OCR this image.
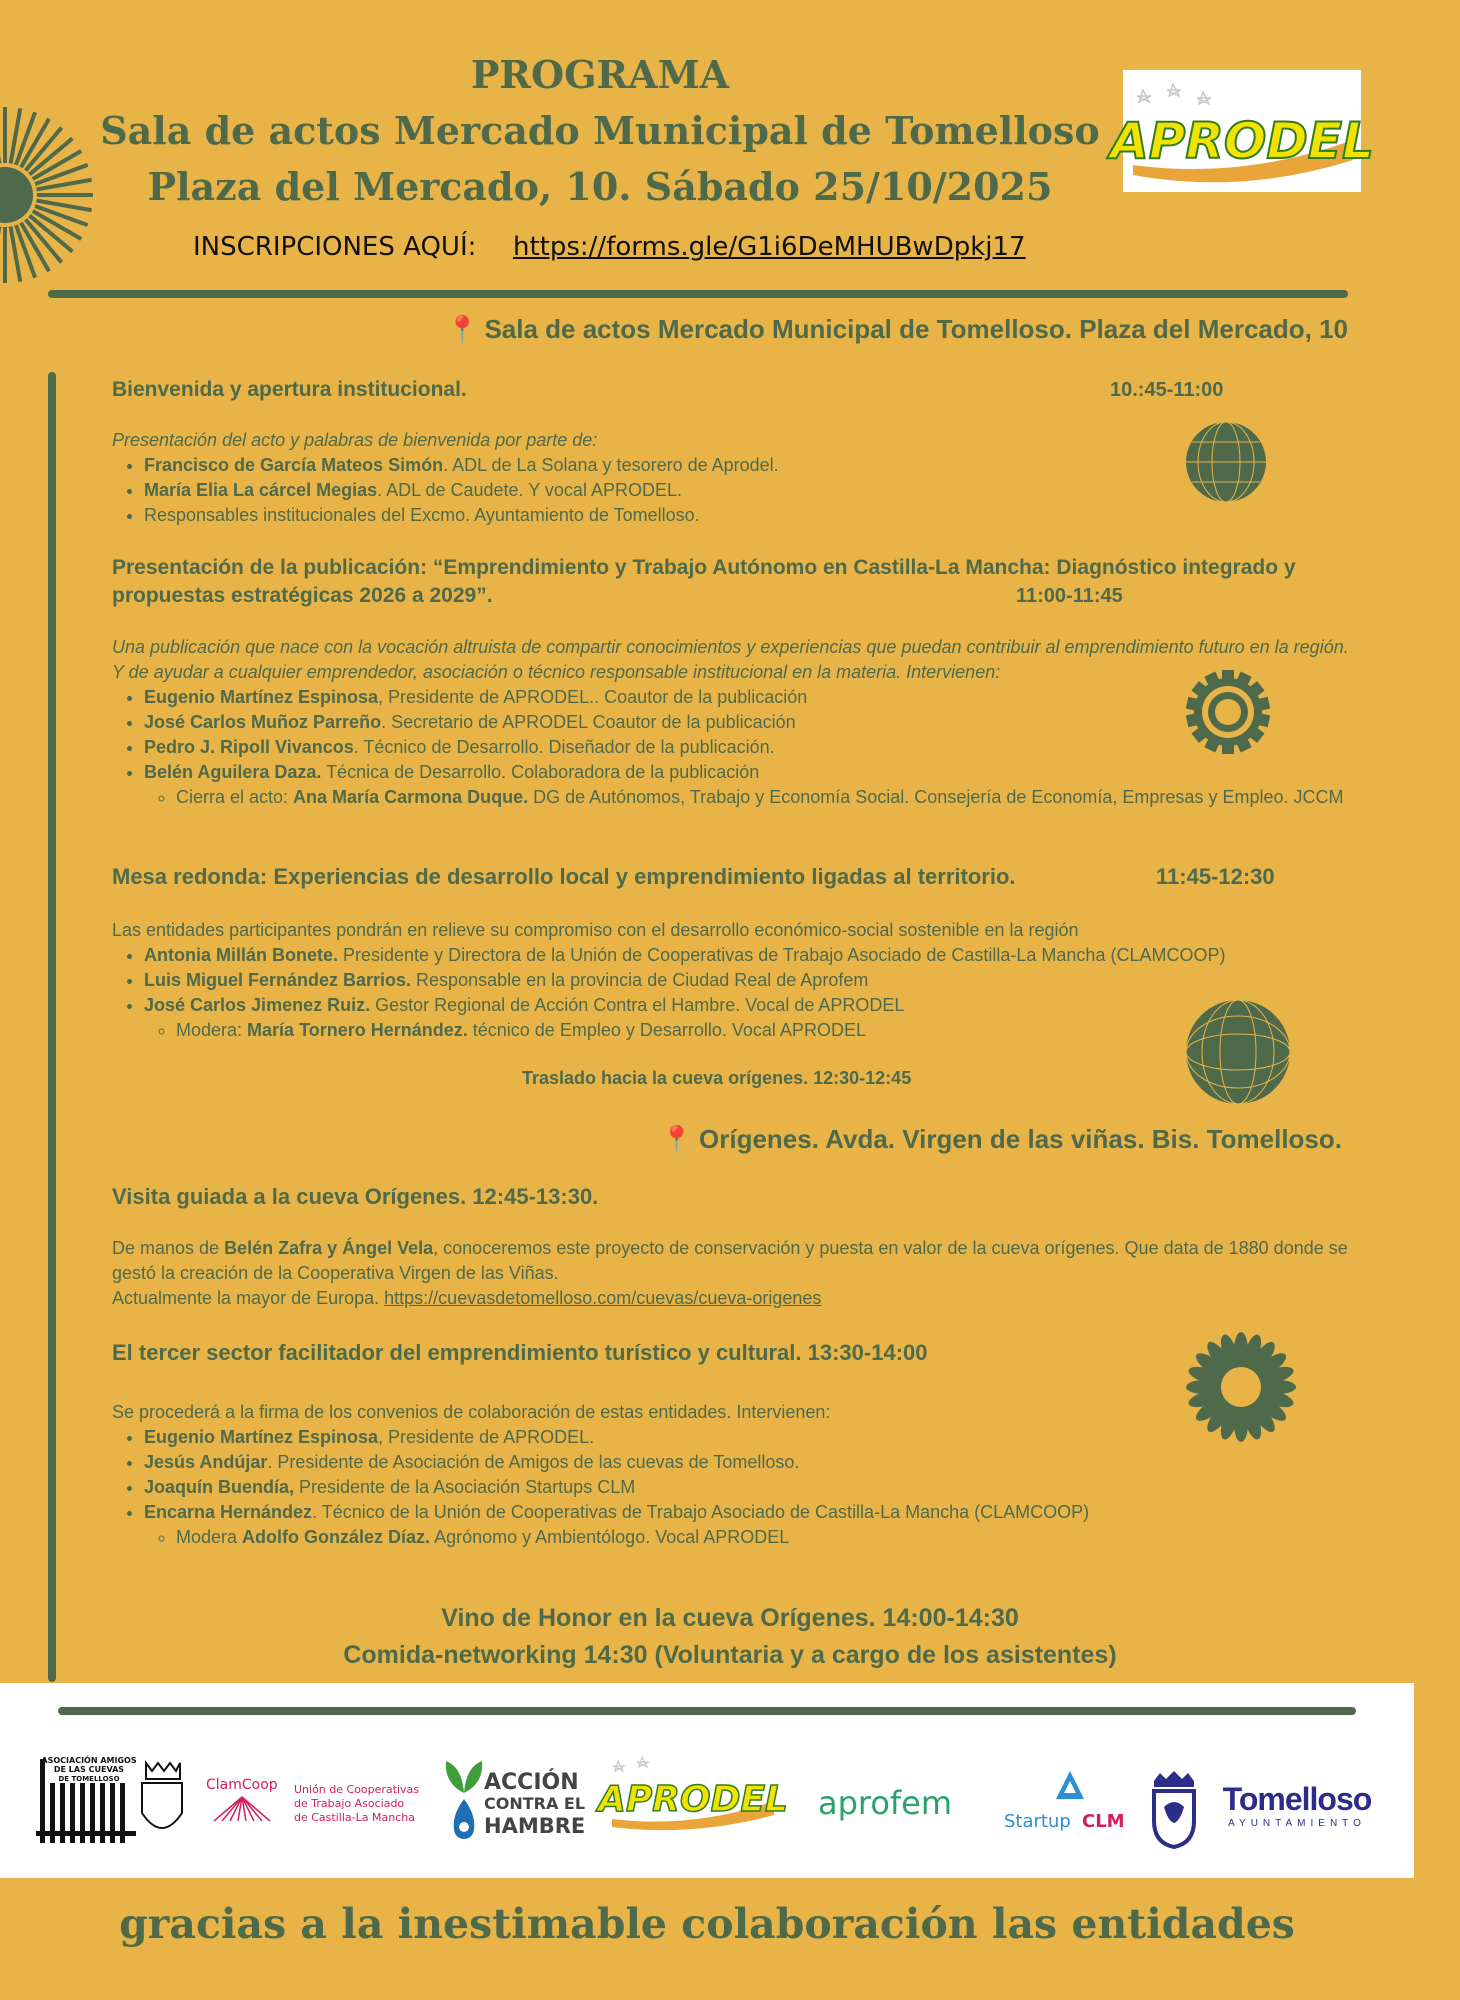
PROGRAMA
Sala de actos Mercado Municipal de Tomelloso
Plaza del Mercado, 10. Sábado 25/10/2025
INSCRIPCIONES AQUÍ: https://forms.gle/G1i6DeMHUBwDpkj17
APRODEL
📍 Sala de actos Mercado Municipal de Tomelloso. Plaza del Mercado, 10
Bienvenida y apertura institucional.	10.:45-11:00
Presentación del acto y palabras de bienvenida por parte de:
• Francisco de García Mateos Simón. ADL de La Solana y tesorero de Aprodel.
• María Elia La cárcel Megias. ADL de Caudete. Y vocal APRODEL.
• Responsables institucionales del Excmo. Ayuntamiento de Tomelloso.
Presentación de la publicación: “Emprendimiento y Trabajo Autónomo en Castilla-La Mancha: Diagnóstico integrado y propuestas estratégicas 2026 a 2029”.	11:00-11:45
Una publicación que nace con la vocación altruista de compartir conocimientos y experiencias que puedan contribuir al emprendimiento futuro en la región. Y de ayudar a cualquier emprendedor, asociación o técnico responsable institucional en la materia. Intervienen:
• Eugenio Martínez Espinosa, Presidente de APRODEL.. Coautor de la publicación
• José Carlos Muñoz Parreño. Secretario de APRODEL Coautor de la publicación
• Pedro J. Ripoll Vivancos. Técnico de Desarrollo. Diseñador de la publicación.
• Belén Aguilera Daza. Técnica de Desarrollo. Colaboradora de la publicación
◦ Cierra el acto: Ana María Carmona Duque. DG de Autónomos, Trabajo y Economía Social. Consejería de Economía, Empresas y Empleo. JCCM
Mesa redonda: Experiencias de desarrollo local y emprendimiento ligadas al territorio.	11:45-12:30
Las entidades participantes pondrán en relieve su compromiso con el desarrollo económico-social sostenible en la región
• Antonia Millán Bonete. Presidente y Directora de la Unión de Cooperativas de Trabajo Asociado de Castilla-La Mancha (CLAMCOOP)
• Luis Miguel Fernández Barrios. Responsable en la provincia de Ciudad Real de Aprofem
• José Carlos Jimenez Ruiz. Gestor Regional de Acción Contra el Hambre. Vocal de APRODEL
◦ Modera: María Tornero Hernández. técnico de Empleo y Desarrollo. Vocal APRODEL
Traslado hacia la cueva orígenes. 12:30-12:45
📍 Orígenes. Avda. Virgen de las viñas. Bis. Tomelloso.
Visita guiada a la cueva Orígenes. 12:45-13:30.
De manos de Belén Zafra y Ángel Vela, conoceremos este proyecto de conservación y puesta en valor de la cueva orígenes. Que data de 1880 donde se gestó la creación de la Cooperativa Virgen de las Viñas.
Actualmente la mayor de Europa. https://cuevasdetomelloso.com/cuevas/cueva-origenes
El tercer sector facilitador del emprendimiento turístico y cultural. 13:30-14:00
Se procederá a la firma de los convenios de colaboración de estas entidades. Intervienen:
• Eugenio Martínez Espinosa, Presidente de APRODEL.
• Jesús Andújar. Presidente de Asociación de Amigos de las cuevas de Tomelloso.
• Joaquín Buendía, Presidente de la Asociación Startups CLM
• Encarna Hernández. Técnico de la Unión de Cooperativas de Trabajo Asociado de Castilla-La Mancha (CLAMCOOP)
◦ Modera Adolfo González Díaz. Agrónomo y Ambientólogo. Vocal APRODEL
Vino de Honor en la cueva Orígenes. 14:00-14:30
Comida-networking 14:30 (Voluntaria y a cargo de los asistentes)
ASOCIACIÓN AMIGOS
DE LAS CUEVAS
DE TOMELLOSO	ClamCoop Unión de Cooperativas
de Trabajo Asociado
de Castilla-La Mancha
ACCIÓN
CONTRA EL
HAMBRE
APRODEL aprofem	Startup CLM
Tomelloso
AYUNTAMIENTO
gracias a la inestimable colaboración las entidades
